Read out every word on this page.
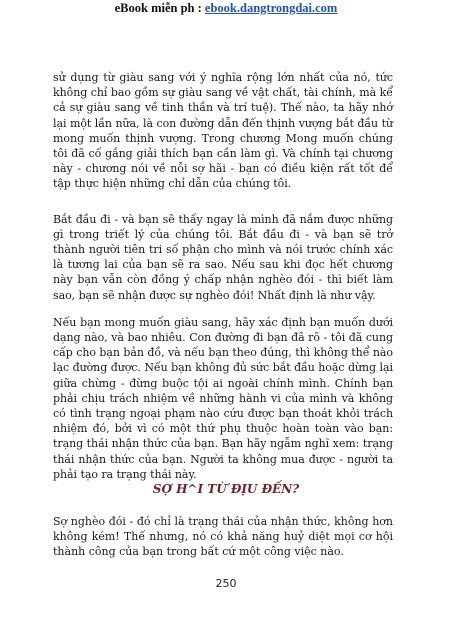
eBook miễn ph : ebook.dangtrongdai.com

sử dụng từ giàu sang với ý nghĩa rộng lớn nhất của nó, tức không chỉ bao gồm sự giàu sang về vật chất, tài chính, mà kể cả sự giàu sang về tinh thần và trí tuệ). Thế nào, ta hãy nhớ lại một lần nữa, là con đường dẫn đến thịnh vượng bắt đầu từ mong muốn thịnh vượng. Trong chương Mong muốn chúng tôi đã cố gắng giải thích bạn cần làm gì. Và chính tại chương này - chương nói về nỗi sợ hãi - bạn có điều kiện rất tốt để tập thực hiện những chỉ dẫn của chúng tôi.

Bắt đầu đi - và bạn sẽ thấy ngay là mình đã nắm được những gì trong triết lý của chúng tôi. Bắt đầu đi - và bạn sẽ trở thành người tiên tri số phận cho mình và nói trước chính xác là tương lai của bạn sẽ ra sao. Nếu sau khi đọc hết chương này bạn vẫn còn đồng ý chấp nhận nghèo đói - thì biết làm sao, bạn sẽ nhận được sự nghèo đói! Nhất định là như vậy.

Nếu bạn mong muốn giàu sang, hãy xác định bạn muốn dưới dạng nào, và bao nhiêu. Con đường đi bạn đã rõ - tôi đã cung cấp cho bạn bản đồ, và nếu bạn theo đúng, thì không thể nào lạc đường được. Nếu bạn không đủ sức bắt đầu hoặc dừng lại giữa chừng - đừng buộc tội ai ngoài chính mình. Chính bạn phải chịu trách nhiệm về những hành vi của mình và không có tình trạng ngoại phạm nào cứu được bạn thoát khỏi trách nhiệm đó, bởi vì có một thứ phụ thuộc hoàn toàn vào bạn: trạng thái nhận thức của bạn. Bạn hãy ngẫm nghĩ xem: trạng thái nhận thức của bạn. Người ta không mua được - người ta phải tạo ra trạng thái này.

SỢ H^I TỪ ĐỊU ĐẾN?

Sợ nghèo đói - đó chỉ là trạng thái của nhận thức, không hơn không kém! Thế nhưng, nó có khả năng huỷ diệt mọi cơ hội thành công của bạn trong bất cứ một công việc nào.

250
